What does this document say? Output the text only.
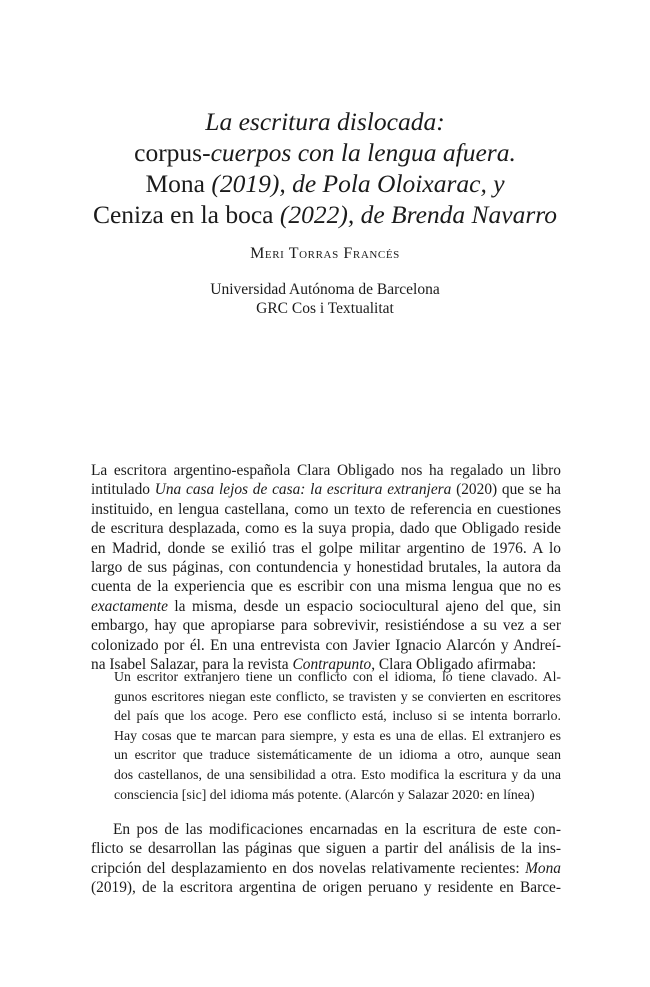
La escritura dislocada:
corpus-cuerpos con la lengua afuera.
Mona (2019), de Pola Oloixarac, y
Ceniza en la boca (2022), de Brenda Navarro
Meri Torras Francés
Universidad Autónoma de Barcelona
GRC Cos i Textualitat
La escritora argentino-española Clara Obligado nos ha regalado un libro
intitulado Una casa lejos de casa: la escritura extranjera (2020) que se ha
instituido, en lengua castellana, como un texto de referencia en cuestiones
de escritura desplazada, como es la suya propia, dado que Obligado reside
en Madrid, donde se exilió tras el golpe militar argentino de 1976. A lo
largo de sus páginas, con contundencia y honestidad brutales, la autora da
cuenta de la experiencia que es escribir con una misma lengua que no es
exactamente la misma, desde un espacio sociocultural ajeno del que, sin
embargo, hay que apropiarse para sobrevivir, resistiéndose a su vez a ser
colonizado por él. En una entrevista con Javier Ignacio Alarcón y Andreí-
na Isabel Salazar, para la revista Contrapunto, Clara Obligado afirmaba:
Un escritor extranjero tiene un conflicto con el idioma, lo tiene clavado. Al-
gunos escritores niegan este conflicto, se travisten y se convierten en escritores
del país que los acoge. Pero ese conflicto está, incluso si se intenta borrarlo.
Hay cosas que te marcan para siempre, y esta es una de ellas. El extranjero es
un escritor que traduce sistemáticamente de un idioma a otro, aunque sean
dos castellanos, de una sensibilidad a otra. Esto modifica la escritura y da una
consciencia [sic] del idioma más potente. (Alarcón y Salazar 2020: en línea)
En pos de las modificaciones encarnadas en la escritura de este con-
flicto se desarrollan las páginas que siguen a partir del análisis de la ins-
cripción del desplazamiento en dos novelas relativamente recientes: Mona
(2019), de la escritora argentina de origen peruano y residente en Barce-
